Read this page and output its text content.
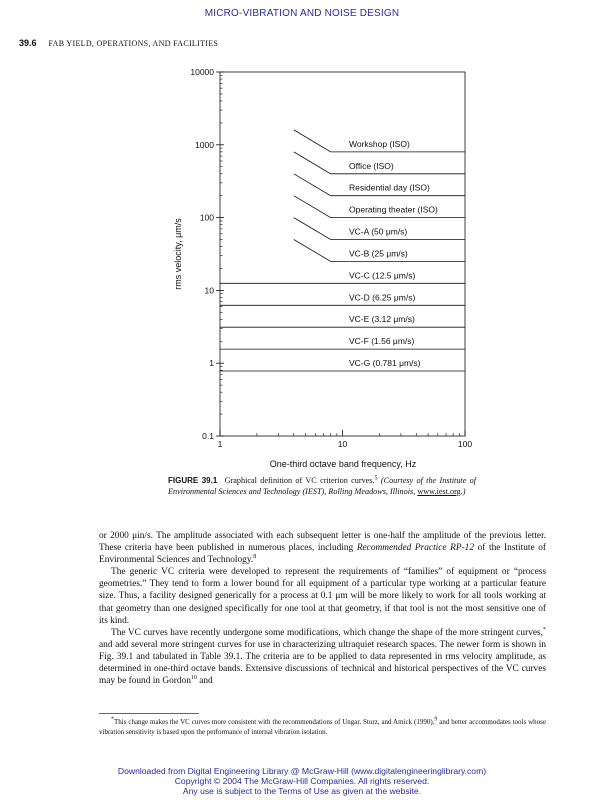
MICRO-VIBRATION AND NOISE DESIGN
39.6 FAB YIELD, OPERATIONS, AND FACILITIES
1	10	100
0.1
1
10
100
1000
10000
Workshop (ISO)
Office (ISO)
Residential day (ISO)
Operating theater (ISO)
VC-A (50 μm/s)
VC-B (25 μm/s)
VC-C (12.5 μm/s)
VC-D (6.25 μm/s)
VC-E (3.12 μm/s)
VC-F (1.56 μm/s)
VC-G (0.781 μm/s)
One-third octave band frequency, Hz
rms velocity, μm/s
FIGURE 39.1 Graphical definition of VC criterion curves.$^5$ (Courtesy of the Institute of Environmental Sciences and Technology (IEST), Rolling Meadows, Illinois, www.iest.org.)

or 2000 μin/s. The amplitude associated with each subsequent letter is one-half the amplitude of the previous letter. These criteria have been published in numerous places, including Recommended Practice RP-12 of the Institute of Environmental Sciences and Technology.$^8$

The generic VC criteria were developed to represent the requirements of “families” of equipment or “process geometries.” They tend to form a lower bound for all equipment of a particular type working at a particular feature size. Thus, a facility designed generically for a process at 0.1 μm will be more likely to work for all tools working at that geometry than one designed specifically for one tool at that geometry, if that tool is not the most sensitive one of its kind.

The VC curves have recently undergone some modifications, which change the shape of the more stringent curves,* and add several more stringent curves for use in characterizing ultraquiet research spaces. The newer form is shown in Fig. 39.1 and tabulated in Table 39.1. The criteria are to be applied to data represented in rms velocity amplitude, as determined in one-third octave bands. Extensive discussions of technical and historical perspectives of the VC curves may be found in Gordon$^{10}$ and

*This change makes the VC curves more consistent with the recommendations of Ungar, Sturz, and Amick (1990),$^9$ and better accommodates tools whose vibration sensitivity is based upon the performance of internal vibration isolation.

Downloaded from Digital Engineering Library @ McGraw-Hill (www.digitalengineeringlibrary.com)
Copyright © 2004 The McGraw-Hill Companies. All rights reserved.
Any use is subject to the Terms of Use as given at the website.
